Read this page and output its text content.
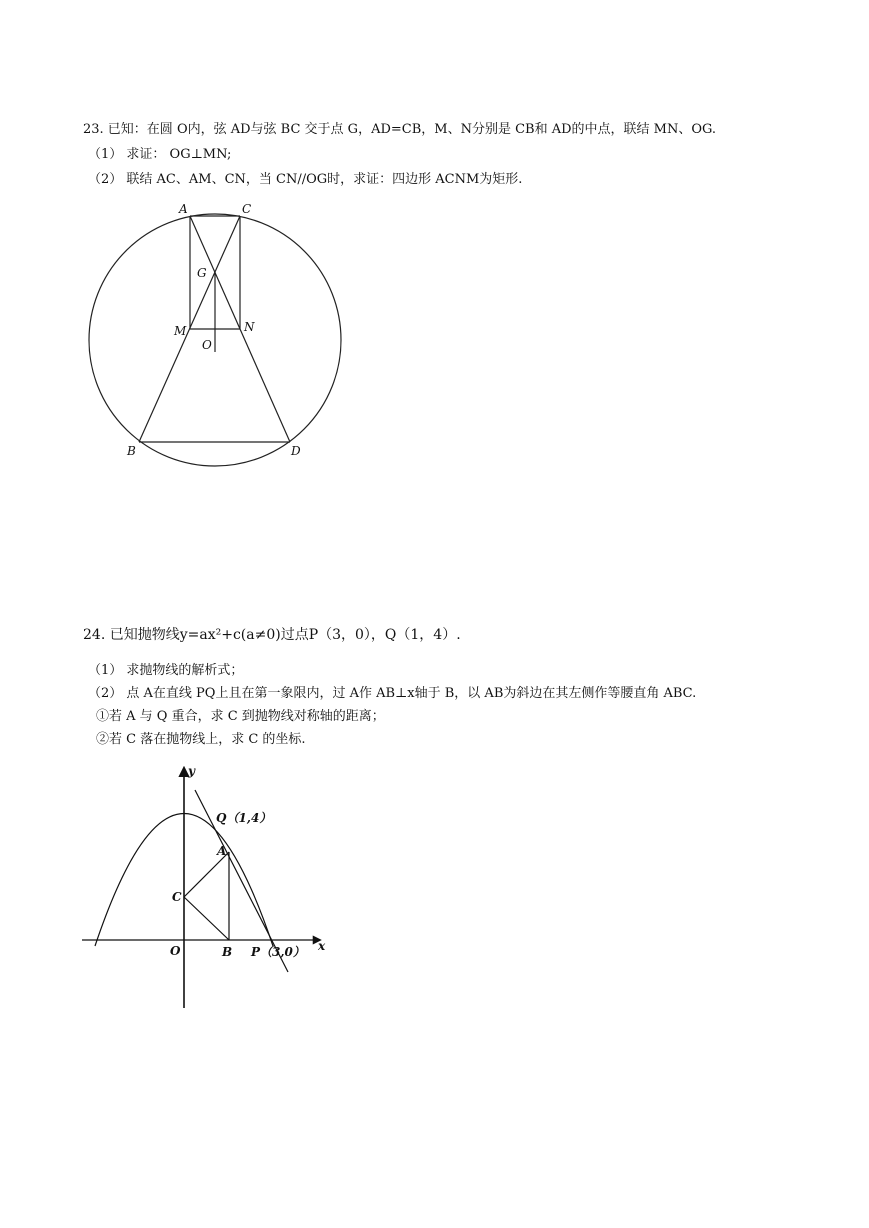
23. 已知：在圆 O内，弦 AD与弦 BC 交于点 G，AD=CB，M、N分别是 CB和 AD的中点，联结 MN、OG.
（1） 求证： OG⊥MN;
（2） 联结 AC、AM、CN，当 CN//OG时，求证：四边形 ACNM为矩形.
A	C
G
M	N
O
B	D
24. 已知抛物线y=ax²+c(a≠0)过点P（3，0），Q（1，4）.
（1） 求抛物线的解析式；
（2） 点 A在直线 PQ上且在第一象限内，过 A作 AB⊥x轴于 B，以 AB为斜边在其左侧作等腰直角 ABC.
①若 A 与 Q 重合，求 C 到抛物线对称轴的距离；
②若 C 落在抛物线上，求 C 的坐标.
y
x
O	B P（3,0）
Q（1,4）
A
C
